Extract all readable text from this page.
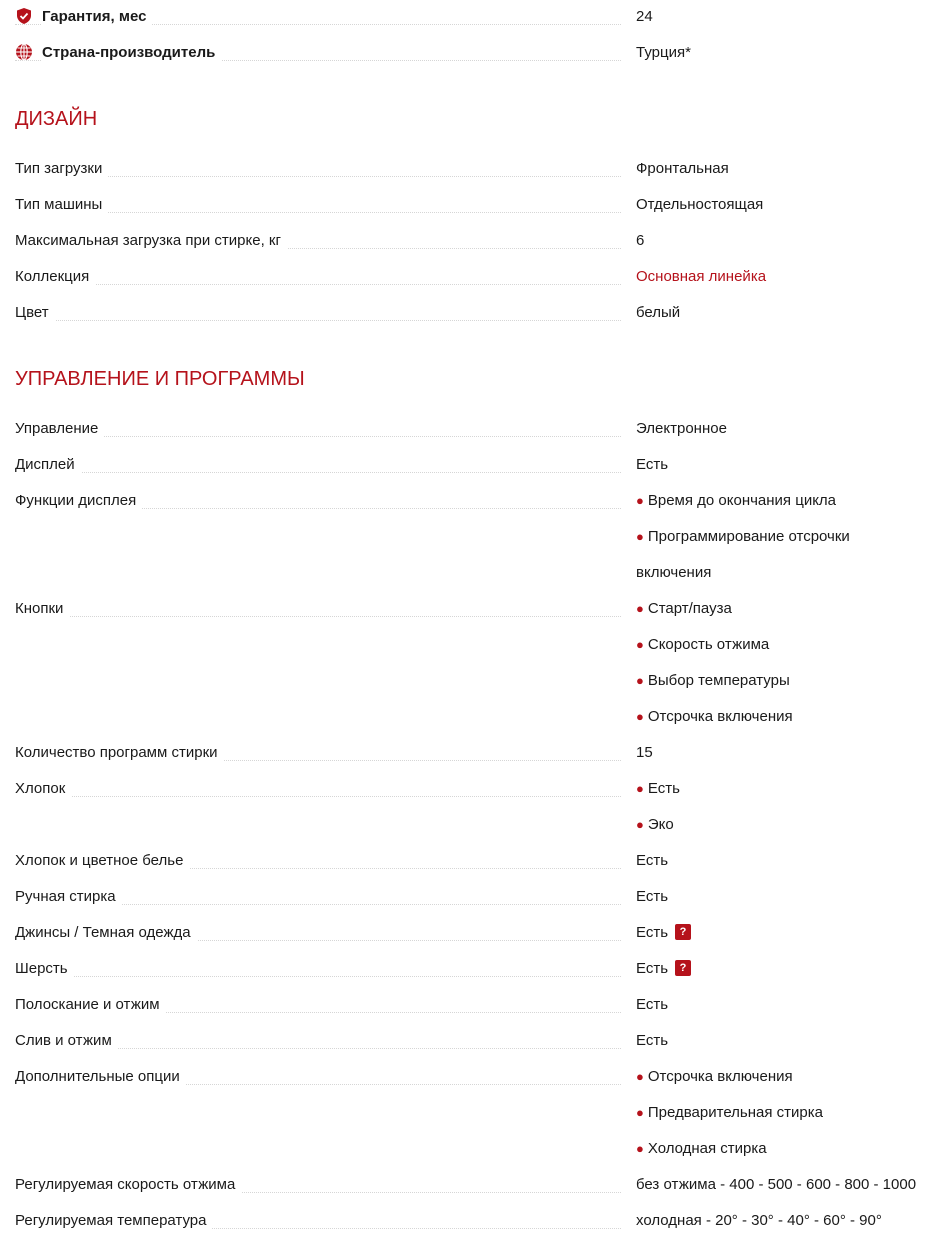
Гарантия, мес	24
Страна-производитель	Турция*
ДИЗАЙН
Тип загрузки	Фронтальная
Тип машины	Отдельностоящая
Максимальная загрузка при стирке, кг	6
Коллекция	Основная линейка
Цвет	белый
УПРАВЛЕНИЕ И ПРОГРАММЫ
Управление	Электронное
Дисплей	Есть
Функции дисплея	● Время до окончания цикла
● Программирование отсрочки
включения
Кнопки	● Старт/пауза
● Скорость отжима
● Выбор температуры
● Отсрочка включения
Количество программ стирки	15
Хлопок	● Есть
● Эко
Хлопок и цветное белье	Есть
Ручная стирка	Есть
Джинсы / Темная одежда	Есть	?
Шерсть	Есть	?
Полоскание и отжим	Есть
Слив и отжим	Есть
Дополнительные опции	● Отсрочка включения
● Предварительная стирка
● Холодная стирка
Регулируемая скорость отжима	без отжима - 400 - 500 - 600 - 800 - 1000
Регулируемая температура	холодная - 20° - 30° - 40° - 60° - 90°
